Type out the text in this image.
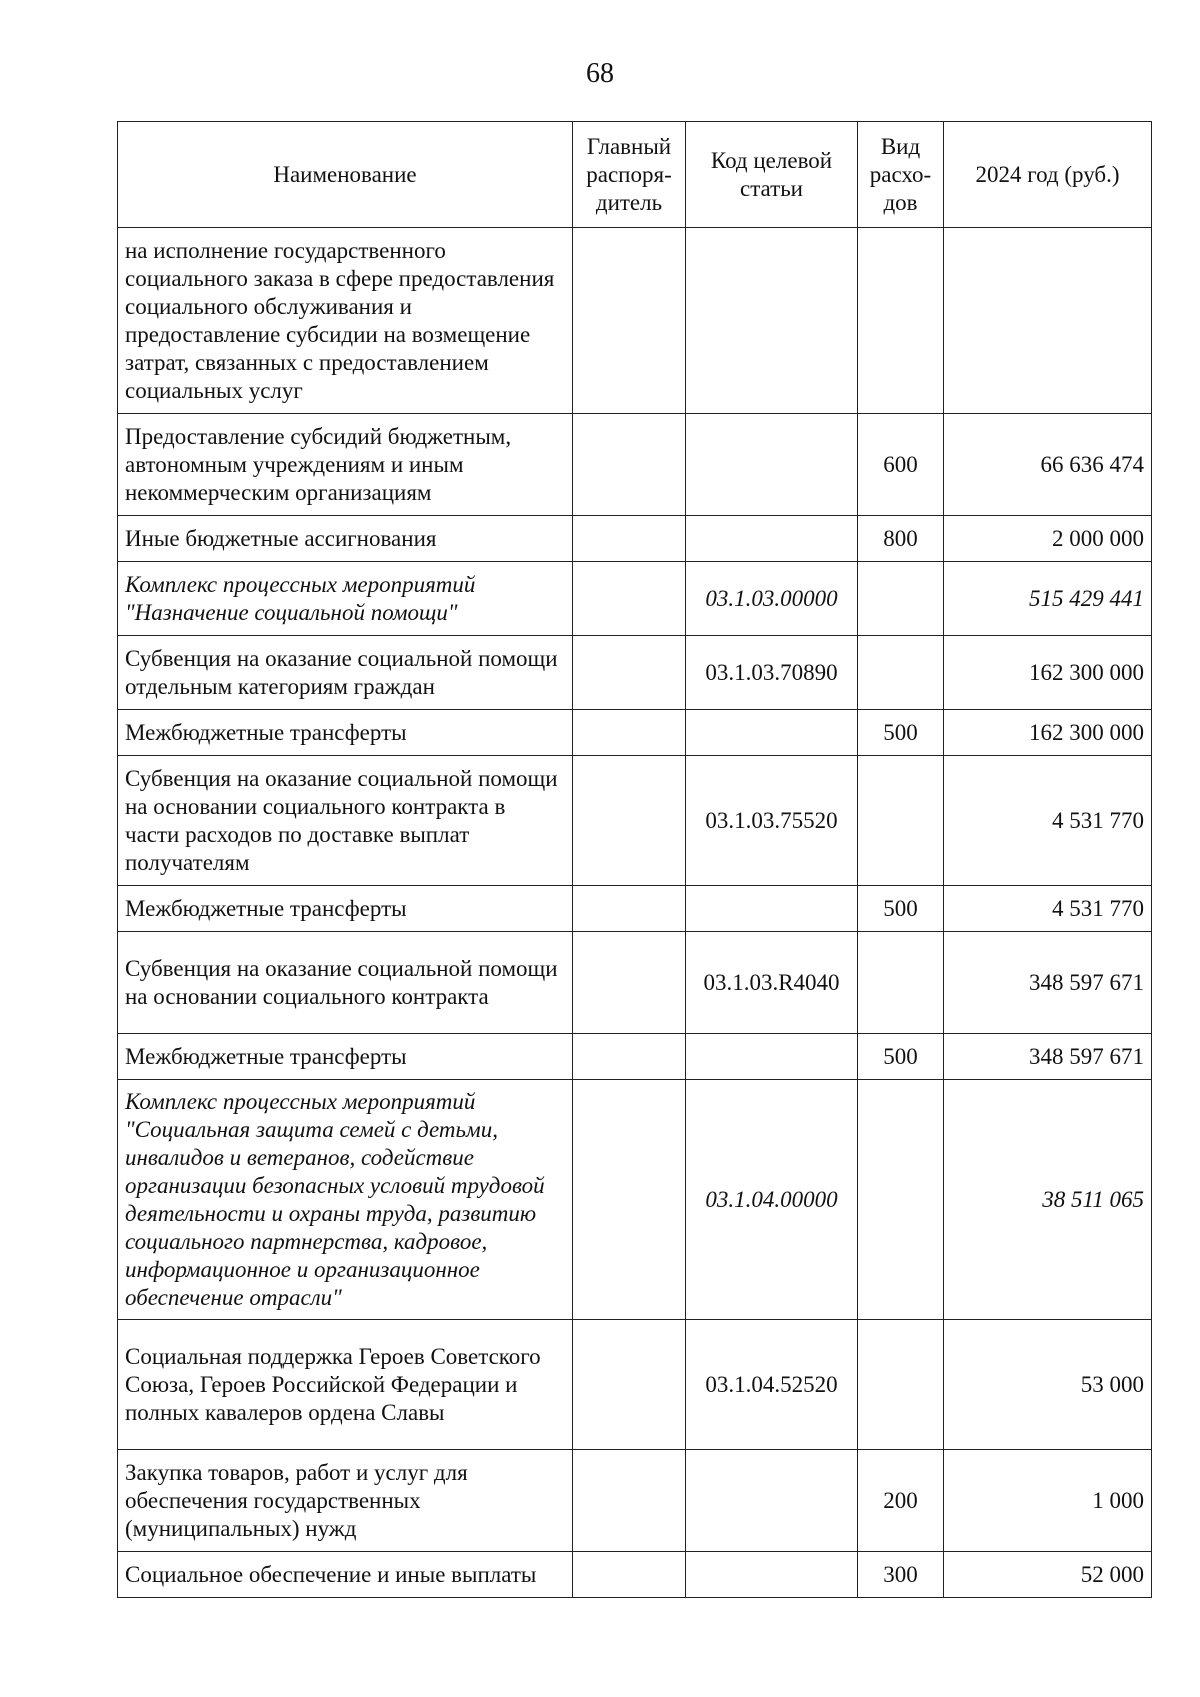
68
Наименование	Главный распоря-дитель	Код целевой статьи	Вид расхо-дов	2024 год (руб.)
на исполнение государственного социального заказа в сфере предоставления социального обслуживания и предоставление субсидии на возмещение затрат, связанных с предоставлением социальных услуг				
Предоставление субсидий бюджетным, автономным учреждениям и иным некоммерческим организациям			600	66 636 474
Иные бюджетные ассигнования			800	2 000 000
Комплекс процессных мероприятий "Назначение социальной помощи"		03.1.03.00000		515 429 441
Субвенция на оказание социальной помощи отдельным категориям граждан		03.1.03.70890		162 300 000
Межбюджетные трансферты			500	162 300 000
Субвенция на оказание социальной помощи на основании социального контракта в части расходов по доставке выплат получателям		03.1.03.75520		4 531 770
Межбюджетные трансферты			500	4 531 770
Субвенция на оказание социальной помощи на основании социального контракта		03.1.03.R4040		348 597 671
Межбюджетные трансферты			500	348 597 671
Комплекс процессных мероприятий "Социальная защита семей с детьми, инвалидов и ветеранов, содействие организации безопасных условий трудовой деятельности и охраны труда, развитию социального партнерства, кадровое, информационное и организационное обеспечение отрасли"		03.1.04.00000		38 511 065
Социальная поддержка Героев Советского Союза, Героев Российской Федерации и полных кавалеров ордена Славы		03.1.04.52520		53 000
Закупка товаров, работ и услуг для обеспечения государственных (муниципальных) нужд			200	1 000
Социальное обеспечение и иные выплаты			300	52 000
